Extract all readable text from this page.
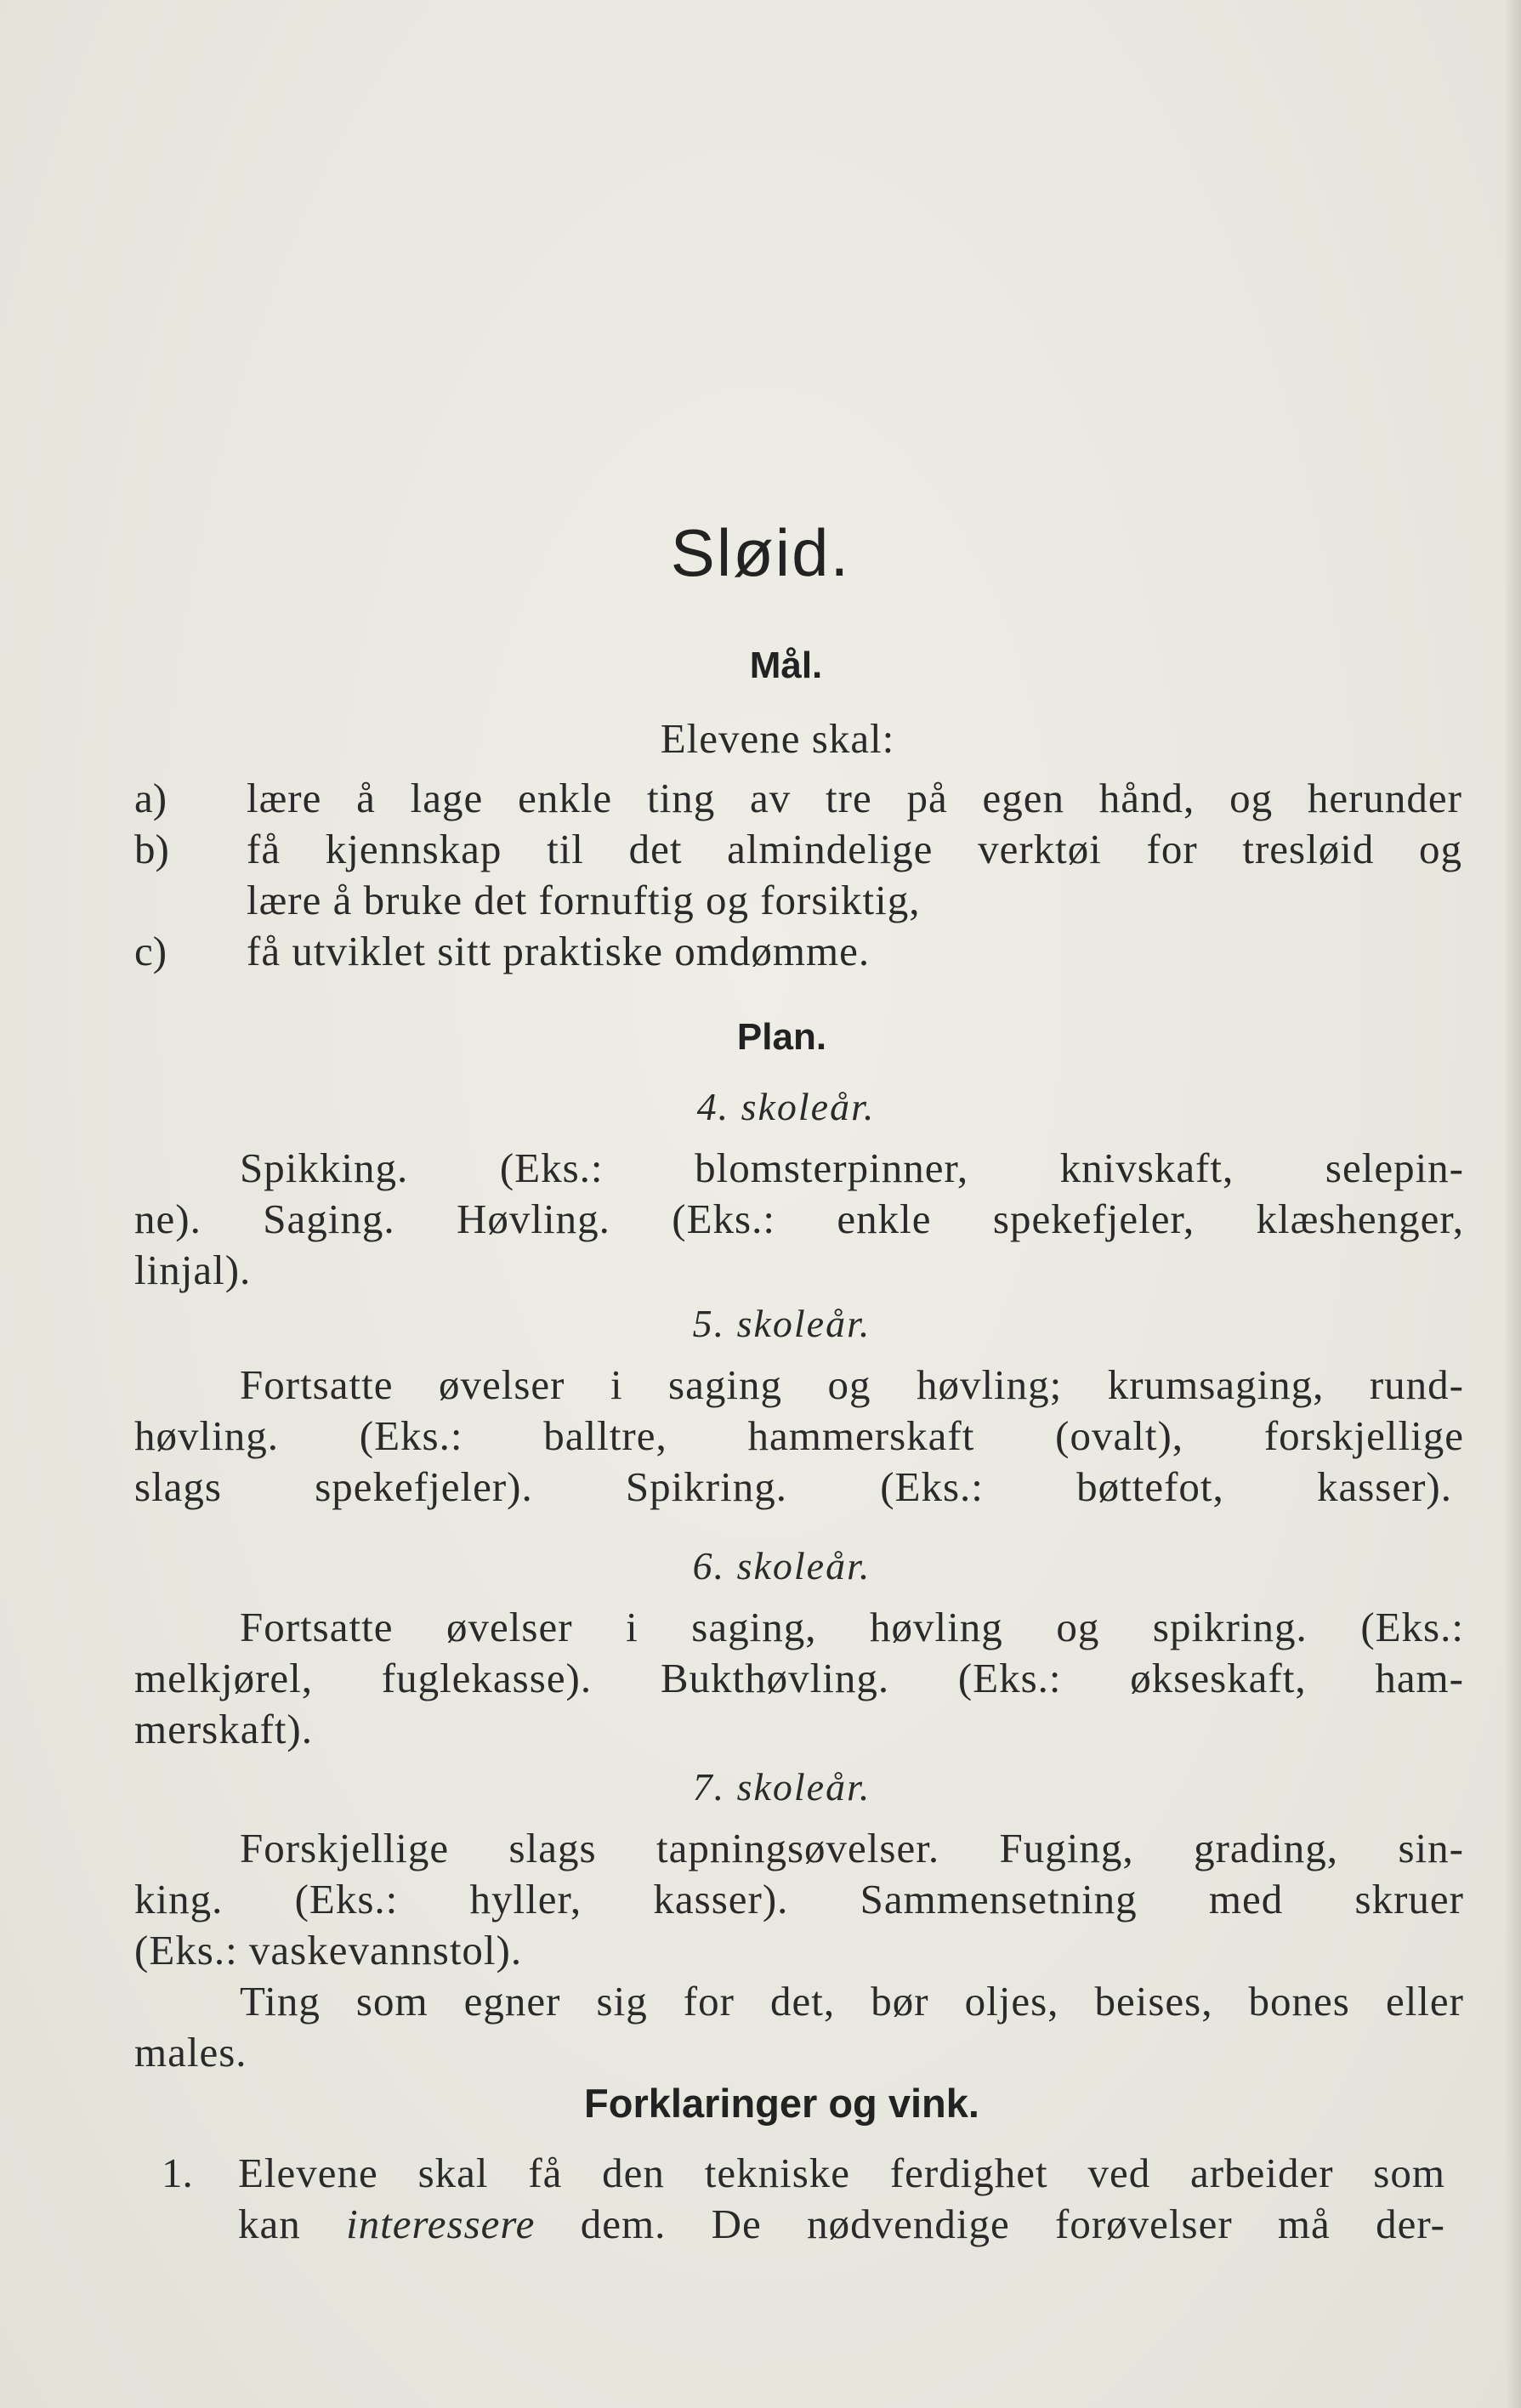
Sløid.
Mål.
Elevene skal:
a) lære å lage enkle ting av tre på egen hånd, og herunder
b) få kjennskap til det almindelige verktøi for tresløid og
lære å bruke det fornuftig og forsiktig,
c) få utviklet sitt praktiske omdømme.
Plan.
4. skoleår.
Spikking. (Eks.: blomsterpinner, knivskaft, selepin-
ne). Saging. Høvling. (Eks.: enkle spekefjeler, klæshenger,
linjal).
5. skoleår.
Fortsatte øvelser i saging og høvling; krumsaging, rund-
høvling. (Eks.: balltre, hammerskaft (ovalt), forskjellige
slags spekefjeler). Spikring. (Eks.: bøttefot, kasser).
6. skoleår.
Fortsatte øvelser i saging, høvling og spikring. (Eks.:
melkjørel, fuglekasse). Bukthøvling. (Eks.: økseskaft, ham-
merskaft).
7. skoleår.
Forskjellige slags tapningsøvelser. Fuging, grading, sin-
king. (Eks.: hyller, kasser). Sammensetning med skruer
(Eks.: vaskevannstol).
Ting som egner sig for det, bør oljes, beises, bones eller
males.
Forklaringer og vink.
1. Elevene skal få den tekniske ferdighet ved arbeider som
kan interessere dem. De nødvendige forøvelser må der-
